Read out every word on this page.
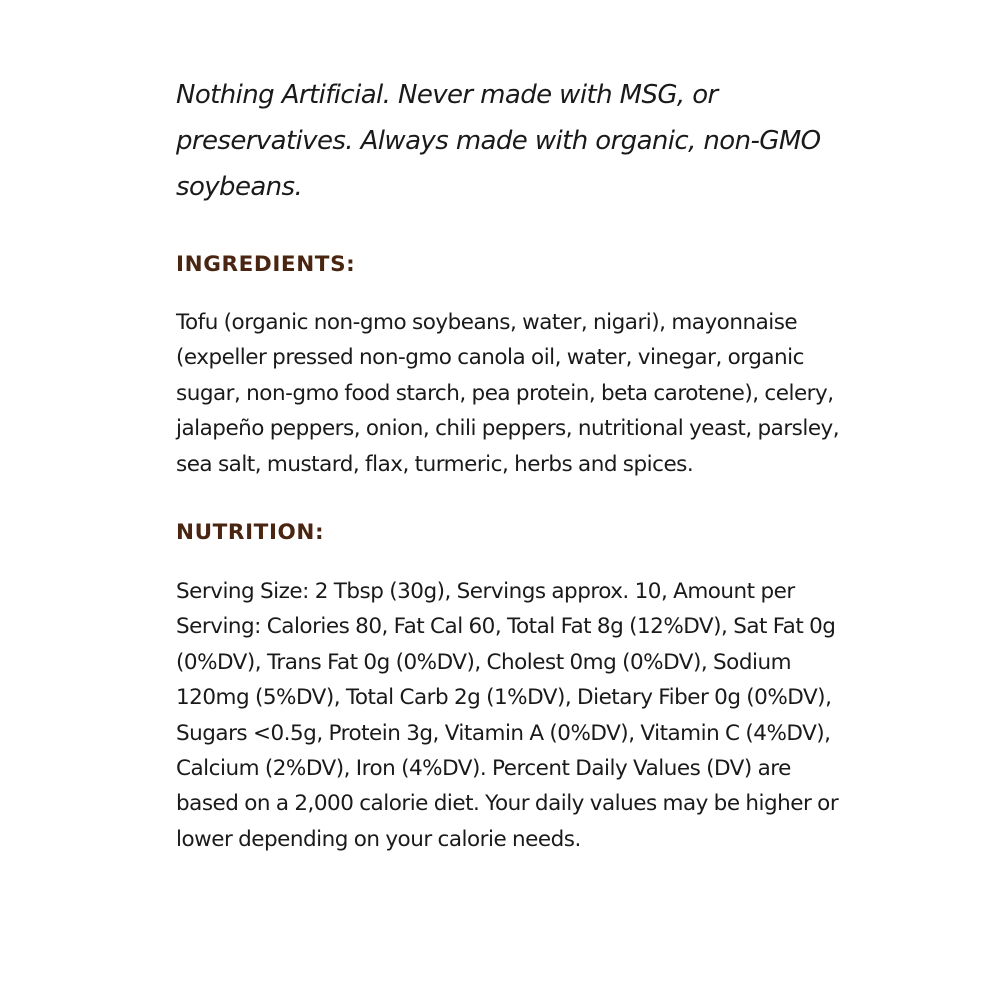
Nothing Artificial. Never made with MSG, or preservatives. Always made with organic, non-GMO soybeans.

INGREDIENTS:

Tofu (organic non-gmo soybeans, water, nigari), mayonnaise (expeller pressed non-gmo canola oil, water, vinegar, organic sugar, non-gmo food starch, pea protein, beta carotene), celery, jalapeño peppers, onion, chili peppers, nutritional yeast, parsley, sea salt, mustard, flax, turmeric, herbs and spices.

NUTRITION:

Serving Size: 2 Tbsp (30g), Servings approx. 10, Amount per Serving: Calories 80, Fat Cal 60, Total Fat 8g (12%DV), Sat Fat 0g (0%DV), Trans Fat 0g (0%DV), Cholest 0mg (0%DV), Sodium 120mg (5%DV), Total Carb 2g (1%DV), Dietary Fiber 0g (0%DV), Sugars <0.5g, Protein 3g, Vitamin A (0%DV), Vitamin C (4%DV), Calcium (2%DV), Iron (4%DV). Percent Daily Values (DV) are based on a 2,000 calorie diet. Your daily values may be higher or lower depending on your calorie needs.
